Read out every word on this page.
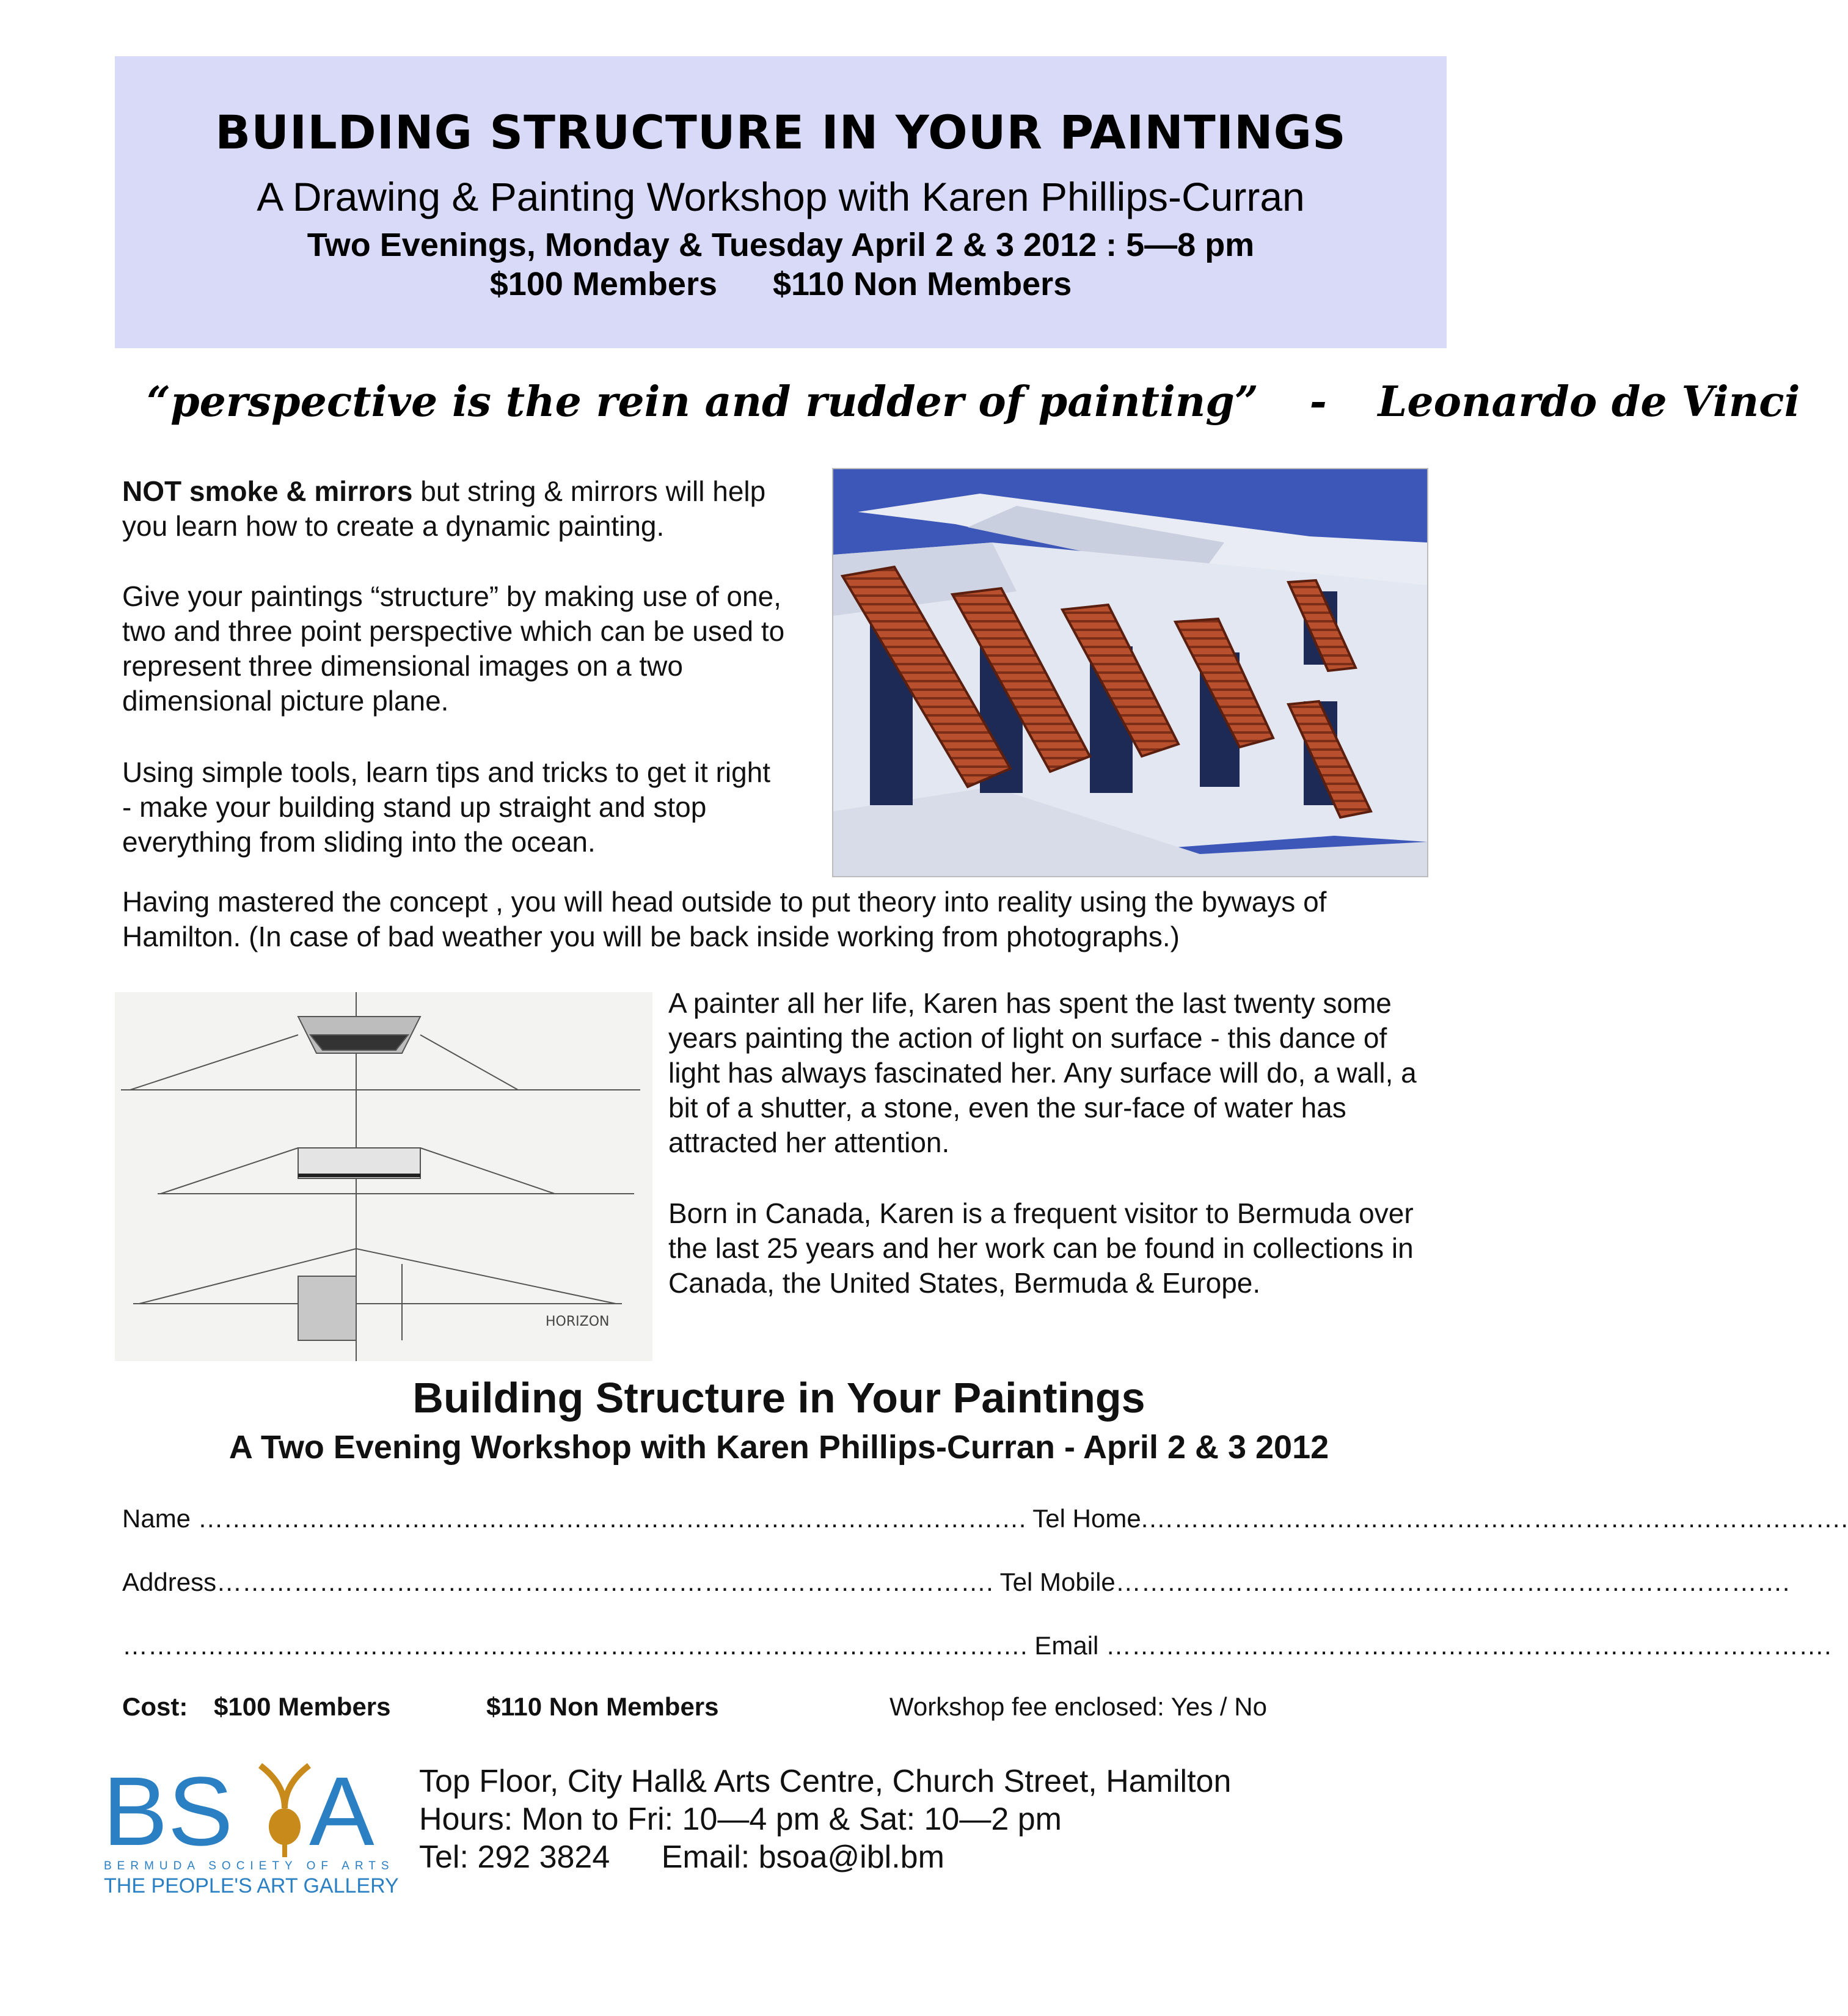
BUILDING STRUCTURE IN YOUR PAINTINGS
A Drawing & Painting Workshop with Karen Phillips-Curran
Two Evenings, Monday & Tuesday April 2 & 3 2012 : 5—8 pm
$100 Members $110 Non Members
“perspective is the rein and rudder of painting” - Leonardo de Vinci
NOT smoke & mirrors but string & mirrors will help you learn how to create a dynamic painting.
Give your paintings “structure” by making use of one, two and three point perspective which can be used to represent three dimensional images on a two dimensional picture plane.
Using simple tools, learn tips and tricks to get it right - make your building stand up straight and stop everything from sliding into the ocean.
Having mastered the concept , you will head outside to put theory into reality using the byways of Hamilton. (In case of bad weather you will be back inside working from photographs.)
HORIZON
A painter all her life, Karen has spent the last twenty some years painting the action of light on surface - this dance of light has always fascinated her. Any surface will do, a wall, a bit of a shutter, a stone, even the sur-face of water has attracted her attention.
Born in Canada, Karen is a frequent visitor to Bermuda over the last 25 years and her work can be found in collections in Canada, the United States, Bermuda & Europe.
Building Structure in Your Paintings
A Two Evening Workshop with Karen Phillips-Curran - April 2 & 3 2012
Name ……………………………………………………………………………………. Tel Home.……………………………………………………………………….
Address………………………………………………………………………………. Tel Mobile…………………………………………………………………….
……………………………………………………………………………………………. Email ………………………………………………………………………….
Cost: $100 Members	$110 Non Members	Workshop fee enclosed: Yes / No
BS A
BERMUDA SOCIETY OF ARTS
THE PEOPLE'S ART GALLERY
Top Floor, City Hall& Arts Centre, Church Street, Hamilton
Hours: Mon to Fri: 10—4 pm & Sat: 10—2 pm
Tel: 292 3824 Email: bsoa@ibl.bm
